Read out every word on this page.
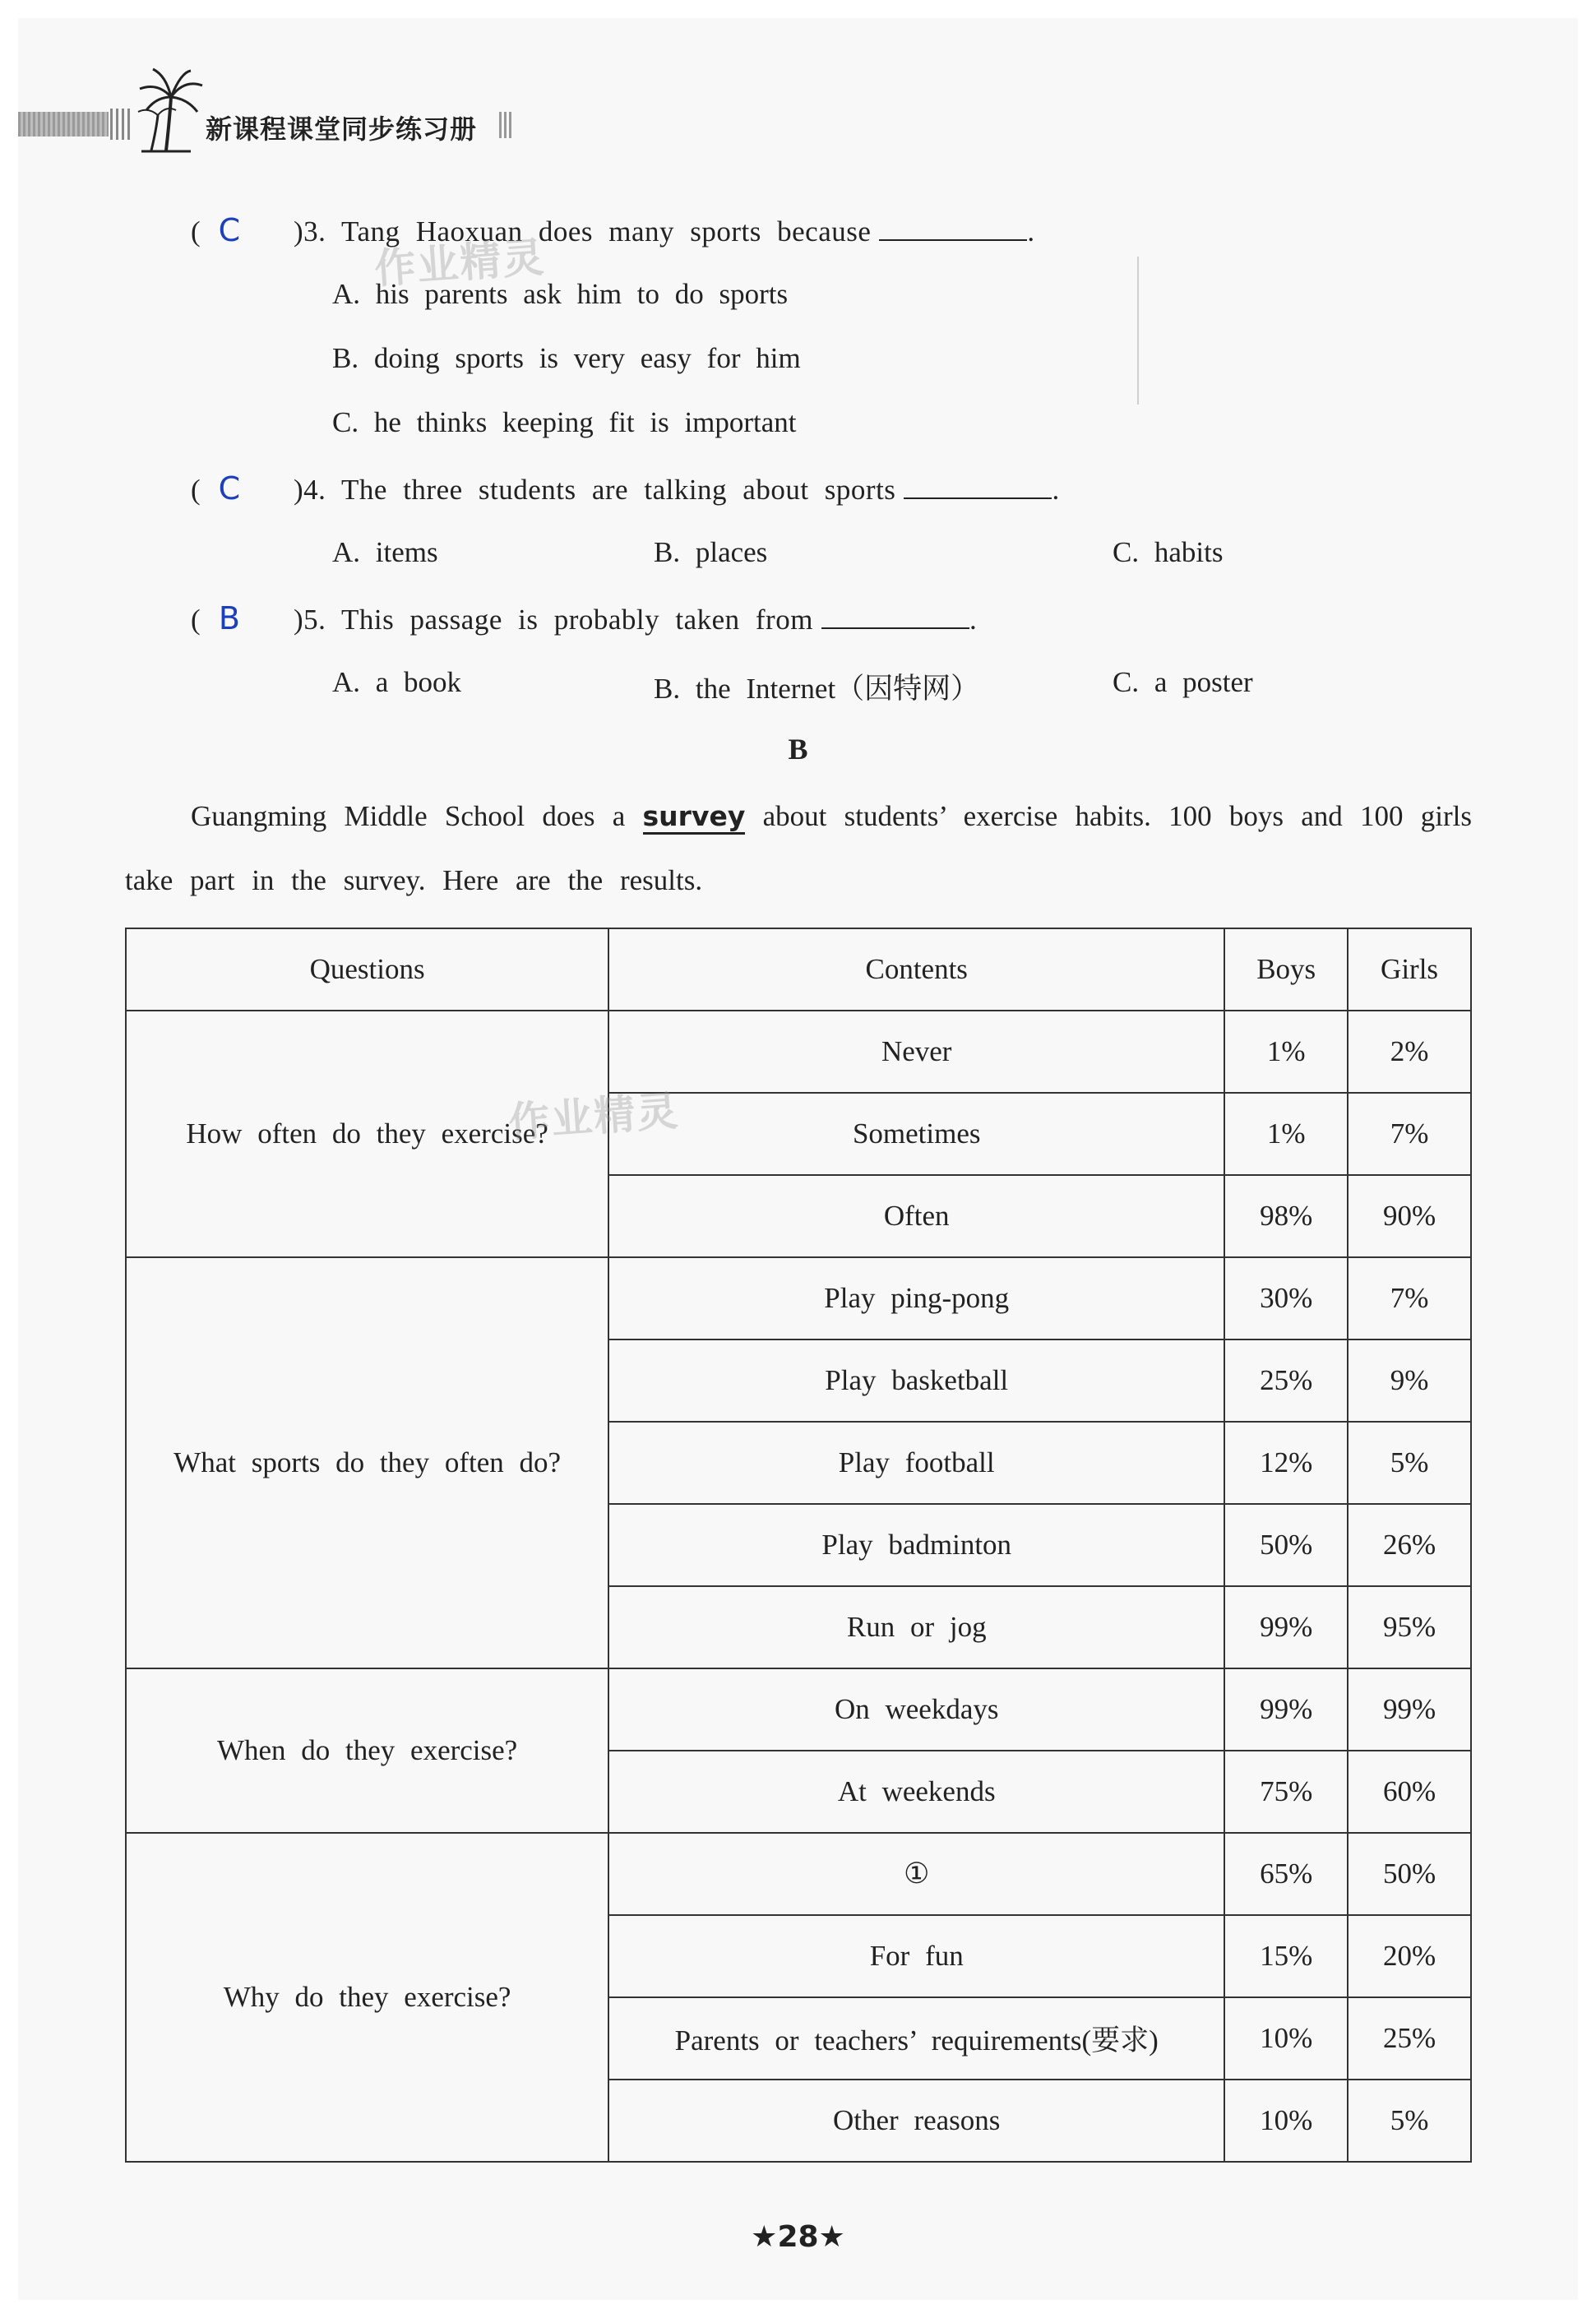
新课程课堂同步练习册
( C )3. Tang Haoxuan does many sports because	.
作业精灵
A. his parents ask him to do sports
B. doing sports is very easy for him
C. he thinks keeping fit is important
( C )4. The three students are talking about sports	.
A. items	B. places	C. habits
( B )5. This passage is probably taken from	.
A. a book	B. the Internet（因特网）	C. a poster
B
Guangming Middle School does a survey about students’ exercise habits. 100 boys and 100 girls take part in the survey. Here are the results.
Questions	Contents	Boys	Girls
How often do they exercise?	Never	1%	2%
	Sometimes	1%	7%
	Often	98%	90%
What sports do they often do?	Play ping-pong	30%	7%
	Play basketball	25%	9%
	Play football	12%	5%
	Play badminton	50%	26%
	Run or jog	99%	95%
When do they exercise?	On weekdays	99%	99%
	At weekends	75%	60%
Why do they exercise?	①	65%	50%
	For fun	15%	20%
	Parents or teachers’ requirements(要求)	10%	25%
	Other reasons	10%	5%
作业精灵
★28★
